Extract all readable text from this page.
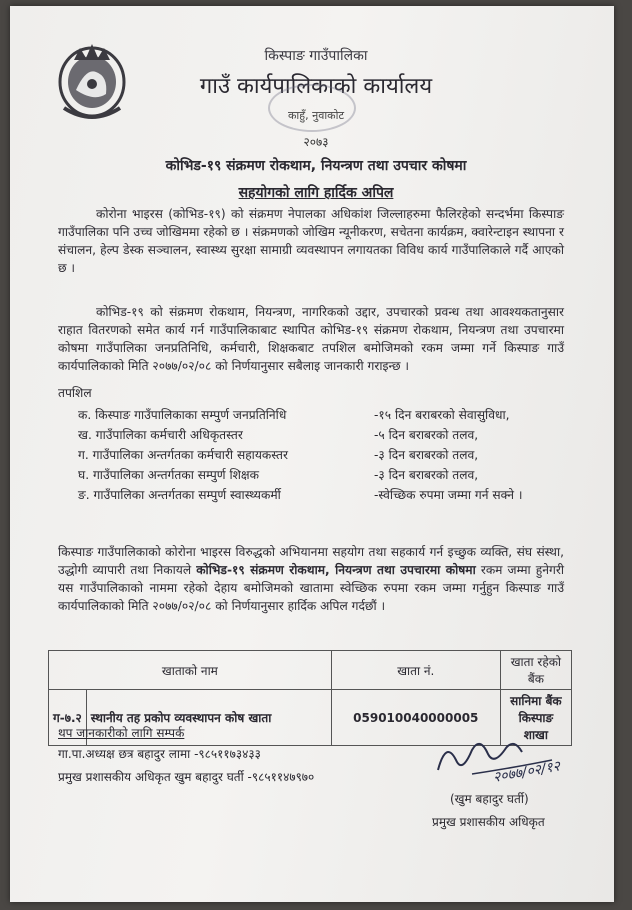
किस्पाङ गाउँपालिका
गाउँ कार्यपालिकाको कार्यालय
काहुँ, नुवाकोट
२०७३
कोभिड-१९ संक्रमण रोकथाम, नियन्त्रण तथा उपचार कोषमा
सहयोगको लागि हार्दिक अपिल
कोरोना भाइरस (कोभिड-१९) को संक्रमण नेपालका अधिकांश जिल्लाहरुमा फैलिरहेको सन्दर्भमा किस्पाङ गाउँपालिका पनि उच्च जोखिममा रहेको छ । संक्रमणको जोखिम न्यूनीकरण, सचेतना कार्यक्रम, क्वारेन्टाइन स्थापना र संचालन, हेल्प डेस्क सञ्चालन, स्वास्थ्य सुरक्षा सामाग्री व्यवस्थापन लगायतका विविध कार्य गाउँपालिकाले गर्दै आएको छ ।
कोभिड-१९ को संक्रमण रोकथाम, नियन्त्रण, नागरिकको उद्दार, उपचारको प्रवन्ध तथा आवश्यकतानुसार राहात वितरणको समेत कार्य गर्न गाउँपालिकाबाट स्थापित कोभिड-१९ संक्रमण रोकथाम, नियन्त्रण तथा उपचारमा कोषमा गाउँपालिका जनप्रतिनिधि, कर्मचारी, शिक्षकबाट तपशिल बमोजिमको रकम जम्मा गर्ने किस्पाङ गाउँ कार्यपालिकाको मिति २०७७/०२/०८ को निर्णयानुसार सबैलाइ जानकारी गराइन्छ ।
तपशिल
क. किस्पाङ गाउँपालिकाका सम्पुर्ण जनप्रतिनिधि	-१५ दिन बराबरको सेवासुविधा,
ख. गाउँपालिका कर्मचारी अधिकृतस्तर	-५ दिन बराबरको तलव,
ग. गाउँपालिका अन्तर्गतका कर्मचारी सहायकस्तर	-३ दिन बराबरको तलव,
घ. गाउँपालिका अन्तर्गतका सम्पुर्ण शिक्षक	-३ दिन बराबरको तलव,
ङ. गाउँपालिका अन्तर्गतका सम्पुर्ण स्वास्थ्यकर्मी	-स्वेच्छिक रुपमा जम्मा गर्न सक्ने ।
किस्पाङ गाउँपालिकाको कोरोना भाइरस विरुद्धको अभियानमा सहयोग तथा सहकार्य गर्न इच्छुक व्यक्ति, संघ संस्था, उद्धोगी व्यापारी तथा निकायले कोभिड-१९ संक्रमण रोकथाम, नियन्त्रण तथा उपचारमा कोषमा रकम जम्मा हुनेगरी यस गाउँपालिकाको नाममा रहेको देहाय बमोजिमको खातामा स्वेच्छिक रुपमा रकम जम्मा गर्नुहुन किस्पाङ गाउँ कार्यपालिकाको मिति २०७७/०२/०८ को निर्णयानुसार हार्दिक अपिल गर्दछौं ।
खाताको नाम		खाता नं.	खाता रहेको बैंक
ग-७.२	स्थानीय तह प्रकोप व्यवस्थापन कोष खाता	059010040000005	सानिमा बैंक
किस्पाङ शाखा
थप जानकारीको लागि सम्पर्क
गा.पा.अध्यक्ष छत्र बहादुर लामा -९८५११७३४३३
प्रमुख प्रशासकीय अधिकृत खुम बहादुर घर्ती -९८५११४७९७०	२०७७/०२/१२
(खुम बहादुर घर्ती)
प्रमुख प्रशासकीय अधिकृत
